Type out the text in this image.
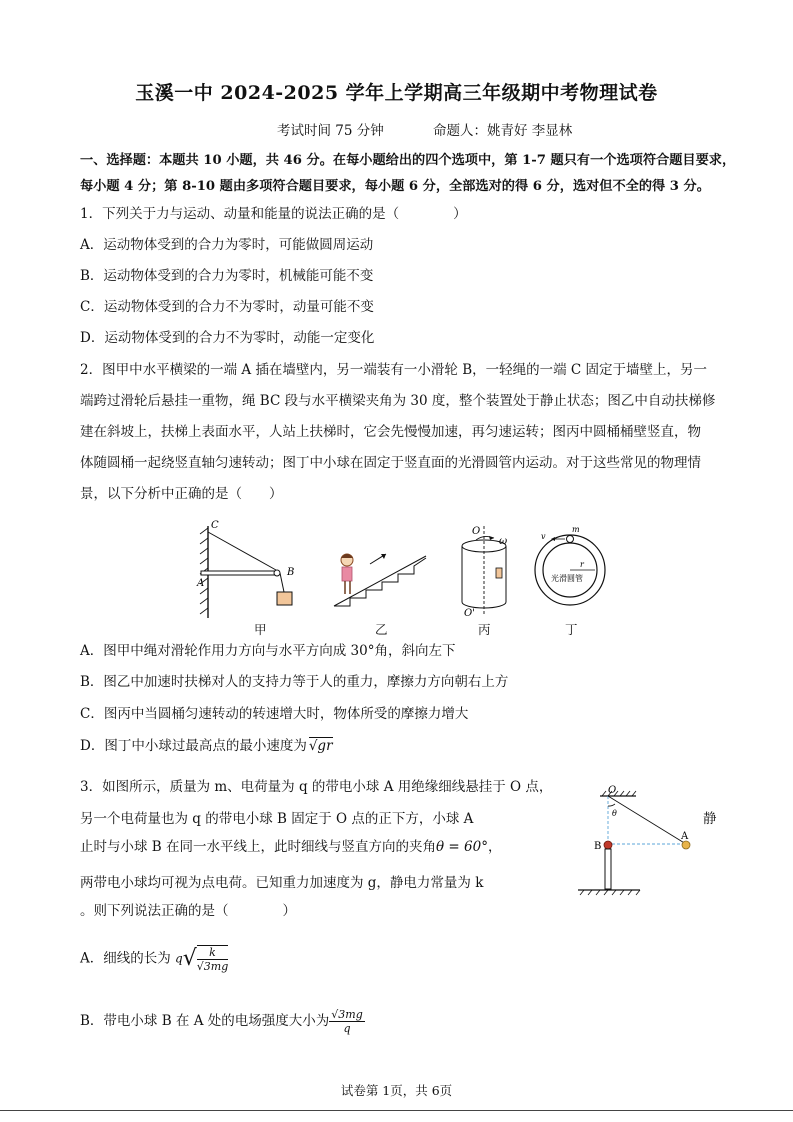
玉溪一中 2024-2025 学年上学期高三年级期中考物理试卷
考试时间 75 分钟	命题人：姚青好 李显林
一、选择题：本题共 10 小题，共 46 分。在每小题给出的四个选项中，第 1-7 题只有一个选项符合题目要求，
每小题 4 分；第 8-10 题由多项符合题目要求，每小题 6 分，全部选对的得 6 分，选对但不全的得 3 分。
1．下列关于力与运动、动量和能量的说法正确的是（　　　　）
A．运动物体受到的合力为零时，可能做圆周运动
B．运动物体受到的合力为零时，机械能可能不变
C．运动物体受到的合力不为零时，动量可能不变
D．运动物体受到的合力不为零时，动能一定变化
2．图甲中水平横梁的一端 A 插在墙壁内，另一端装有一小滑轮 B，一轻绳的一端 C 固定于墙壁上，另一
端跨过滑轮后悬挂一重物，绳 BC 段与水平横梁夹角为 30 度，整个装置处于静止状态；图乙中自动扶梯修
建在斜坡上，扶梯上表面水平，人站上扶梯时，它会先慢慢加速，再匀速运转；图丙中圆桶桶壁竖直，物
体随圆桶一起绕竖直轴匀速转动；图丁中小球在固定于竖直面的光滑圆管内运动。对于这些常见的物理情
景，以下分析中正确的是（　　）
C
A
B
甲	乙
O
ω
O'
丙
m
v
r
光滑圆管
丁
A．图甲中绳对滑轮作用力方向与水平方向成 30°角，斜向左下
B．图乙中加速时扶梯对人的支持力等于人的重力，摩擦力方向朝右上方
C．图丙中当圆桶匀速转动的转速增大时，物体所受的摩擦力增大
D．图丁中小球过最高点的最小速度为 √gr
3．如图所示，质量为 m、电荷量为 q 的带电小球 A 用绝缘细线悬挂于 O 点，
另一个电荷量也为 q 的带电小球 B 固定于 O 点的正下方，小球 A	静
止时与小球 B 在同一水平线上，此时细线与竖直方向的夹角θ = 60°，
两带电小球均可视为点电荷。已知重力加速度为 g，静电力常量为 k
。则下列说法正确的是（　　　　）
O
θ
A
B
A．细线的长为 $q√ \frac{k}{√3mg}$
B．带电小球 B 在 A 处的电场强度大小为 $\frac{√3mg}{q}$
试卷第 1页，共 6页
